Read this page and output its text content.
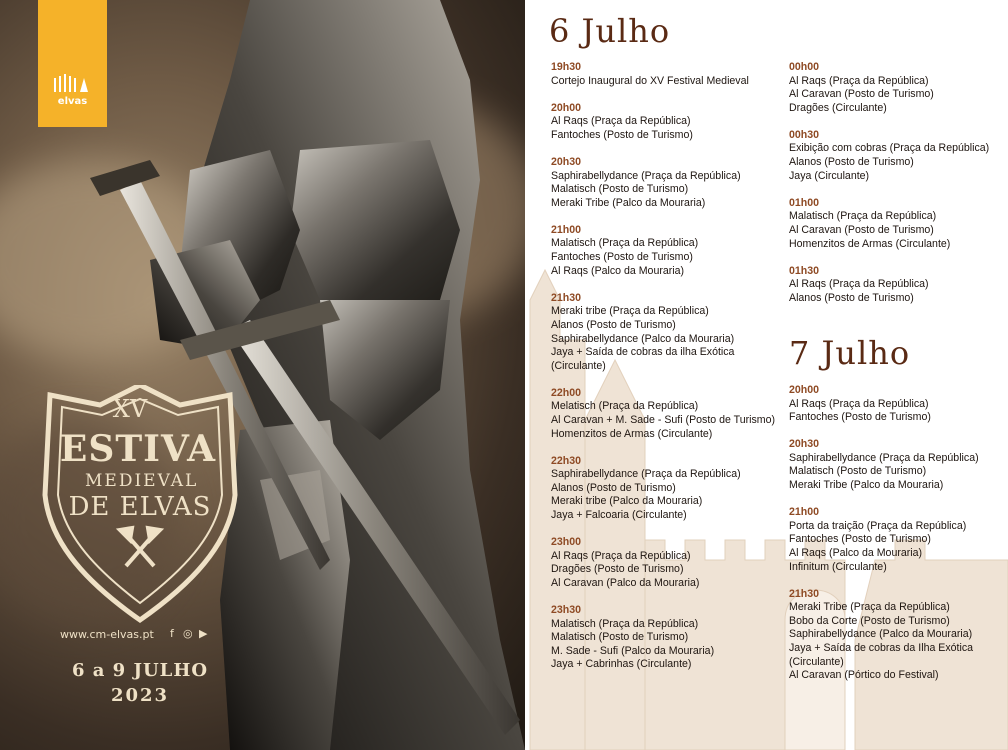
elvas
XV
ESTIVA
MEDIEVAL
DE ELVAS
www.cm-elvas.pt f ◎ ▶
6 a 9 JULHO
2023
6 Julho
19h30
Cortejo Inaugural do XV Festival Medieval
20h00
Al Raqs (Praça da República)
Fantoches (Posto de Turismo)
20h30
Saphirabellydance (Praça da República)
Malatisch (Posto de Turismo)
Meraki Tribe (Palco da Mouraria)
21h00
Malatisch (Praça da República)
Fantoches (Posto de Turismo)
Al Raqs (Palco da Mouraria)
21h30
Meraki tribe (Praça da República)
Alanos (Posto de Turismo)
Saphirabellydance (Palco da Mouraria)
Jaya + Saída de cobras da ilha Exótica (Circulante)
22h00
Melatisch (Praça da República)
Al Caravan + M. Sade - Sufi (Posto de Turismo)
Homenzitos de Armas (Circulante)
22h30
Saphirabellydance (Praça da República)
Alanos (Posto de Turismo)
Meraki tribe (Palco da Mouraria)
Jaya + Falcoaria (Circulante)
23h00
Al Raqs (Praça da República)
Dragões (Posto de Turismo)
Al Caravan (Palco da Mouraria)
23h30
Malatisch (Praça da República)
Malatisch (Posto de Turismo)
M. Sade - Sufi (Palco da Mouraria)
Jaya + Cabrinhas (Circulante)
00h00
Al Raqs (Praça da República)
Al Caravan (Posto de Turismo)
Dragões (Circulante)
00h30
Exibição com cobras (Praça da República)
Alanos (Posto de Turismo)
Jaya (Circulante)
01h00
Malatisch (Praça da República)
Al Caravan (Posto de Turismo)
Homenzitos de Armas (Circulante)
01h30
Al Raqs (Praça da República)
Alanos (Posto de Turismo)
7 Julho
20h00
Al Raqs (Praça da República)
Fantoches (Posto de Turismo)
20h30
Saphirabellydance (Praça da República)
Malatisch (Posto de Turismo)
Meraki Tribe (Palco da Mouraria)
21h00
Porta da traição (Praça da República)
Fantoches (Posto de Turismo)
Al Raqs (Palco da Mouraria)
Infinitum (Circulante)
21h30
Meraki Tribe (Praça da República)
Bobo da Corte (Posto de Turismo)
Saphirabellydance (Palco da Mouraria)
Jaya + Saída de cobras da Ilha Exótica (Circulante)
Al Caravan (Pórtico do Festival)
